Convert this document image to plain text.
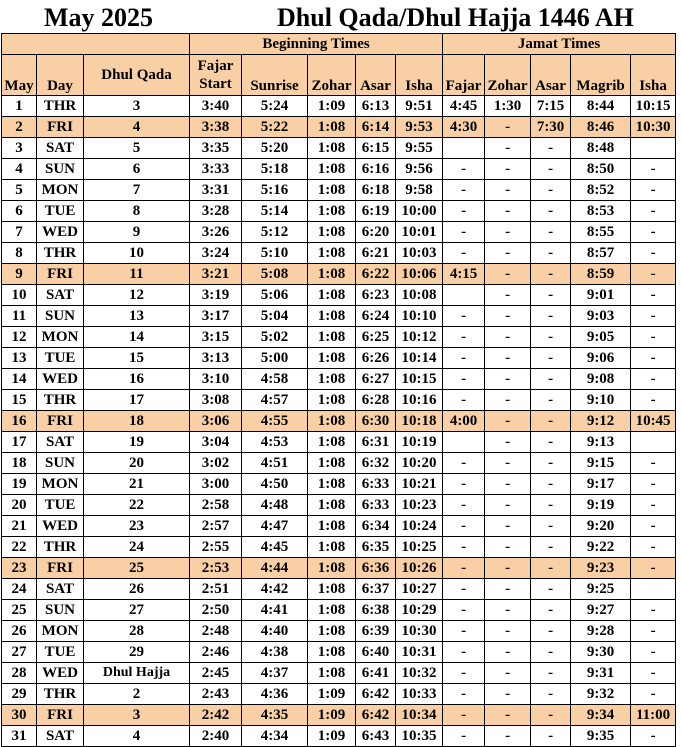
May 2025	Dhul Qada/Dhul Hajja 1446 AH
			Beginning Times					Jamat Times				
May	Day	Dhul Qada	Fajar
Start	Sunrise	Zohar	Asar	Isha	Fajar	Zohar	Asar	Magrib	Isha
1	THR	3	3:40	5:24	1:09	6:13	9:51	4:45	1:30	7:15	8:44	10:15
2	FRI	4	3:38	5:22	1:08	6:14	9:53	4:30	-	7:30	8:46	10:30
3	SAT	5	3:35	5:20	1:08	6:15	9:55		-	-	8:48	
4	SUN	6	3:33	5:18	1:08	6:16	9:56	-	-	-	8:50	-
5	MON	7	3:31	5:16	1:08	6:18	9:58	-	-	-	8:52	-
6	TUE	8	3:28	5:14	1:08	6:19	10:00	-	-	-	8:53	-
7	WED	9	3:26	5:12	1:08	6:20	10:01	-	-	-	8:55	-
8	THR	10	3:24	5:10	1:08	6:21	10:03	-	-	-	8:57	-
9	FRI	11	3:21	5:08	1:08	6:22	10:06	4:15	-	-	8:59	-
10	SAT	12	3:19	5:06	1:08	6:23	10:08		-	-	9:01	-
11	SUN	13	3:17	5:04	1:08	6:24	10:10	-	-	-	9:03	-
12	MON	14	3:15	5:02	1:08	6:25	10:12	-	-	-	9:05	-
13	TUE	15	3:13	5:00	1:08	6:26	10:14	-	-	-	9:06	-
14	WED	16	3:10	4:58	1:08	6:27	10:15	-	-	-	9:08	-
15	THR	17	3:08	4:57	1:08	6:28	10:16	-	-	-	9:10	-
16	FRI	18	3:06	4:55	1:08	6:30	10:18	4:00	-	-	9:12	10:45
17	SAT	19	3:04	4:53	1:08	6:31	10:19		-	-	9:13	
18	SUN	20	3:02	4:51	1:08	6:32	10:20	-	-	-	9:15	-
19	MON	21	3:00	4:50	1:08	6:33	10:21	-	-	-	9:17	-
20	TUE	22	2:58	4:48	1:08	6:33	10:23	-	-	-	9:19	-
21	WED	23	2:57	4:47	1:08	6:34	10:24	-	-	-	9:20	-
22	THR	24	2:55	4:45	1:08	6:35	10:25	-	-	-	9:22	-
23	FRI	25	2:53	4:44	1:08	6:36	10:26	-	-	-	9:23	-
24	SAT	26	2:51	4:42	1:08	6:37	10:27	-	-	-	9:25	
25	SUN	27	2:50	4:41	1:08	6:38	10:29	-	-	-	9:27	-
26	MON	28	2:48	4:40	1:08	6:39	10:30	-	-	-	9:28	-
27	TUE	29	2:46	4:38	1:08	6:40	10:31	-	-	-	9:30	-
28	WED	Dhul Hajja	2:45	4:37	1:08	6:41	10:32	-	-	-	9:31	-
29	THR	2	2:43	4:36	1:09	6:42	10:33	-	-	-	9:32	-
30	FRI	3	2:42	4:35	1:09	6:42	10:34	-	-	-	9:34	11:00
31	SAT	4	2:40	4:34	1:09	6:43	10:35	-	-	-	9:35	-
